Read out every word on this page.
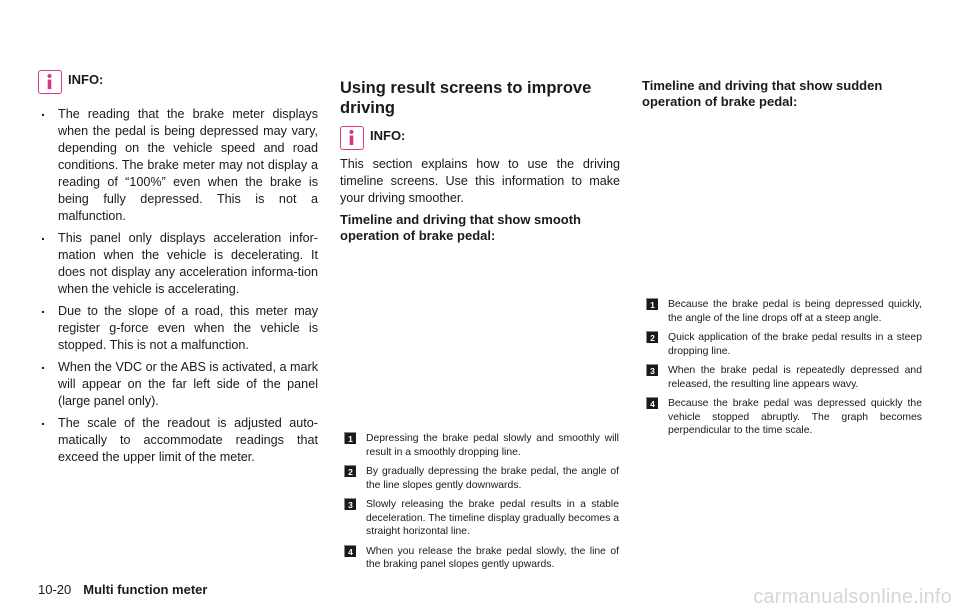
INFO:
. The reading that the brake meter displays when the pedal is being depressed may vary, depending on the vehicle speed and road conditions. The brake meter may not display a reading of “100%” even when the brake is being fully depressed. This is not a malfunction.
. This panel only displays acceleration infor-mation when the vehicle is decelerating. It does not display any acceleration informa-tion when the vehicle is accelerating.
. Due to the slope of a road, this meter may register g-force even when the vehicle is stopped. This is not a malfunction.
. When the VDC or the ABS is activated, a mark will appear on the far left side of the panel (large panel only).
. The scale of the readout is adjusted auto-matically to accommodate readings that exceed the upper limit of the meter.
Using result screens to improve driving
INFO:

This section explains how to use the driving timeline screens. Use this information to make your driving smoother.

Timeline and driving that show smooth operation of brake pedal:

1	Depressing the brake pedal slowly and smoothly will result in a smoothly dropping line.
2	By gradually depressing the brake pedal, the angle of the line slopes gently downwards.
3	Slowly releasing the brake pedal results in a stable deceleration. The timeline display gradually becomes a straight horizontal line.
4	When you release the brake pedal slowly, the line of the braking panel slopes gently upwards.

Timeline and driving that show sudden operation of brake pedal:

1	Because the brake pedal is being depressed quickly, the angle of the line drops off at a steep angle.
2	Quick application of the brake pedal results in a steep dropping line.
3	When the brake pedal is repeatedly depressed and released, the resulting line appears wavy.
4	Because the brake pedal was depressed quickly the vehicle stopped abruptly. The graph becomes perpendicular to the time scale.
10-20 Multi function meter	carmanualsonline.info
